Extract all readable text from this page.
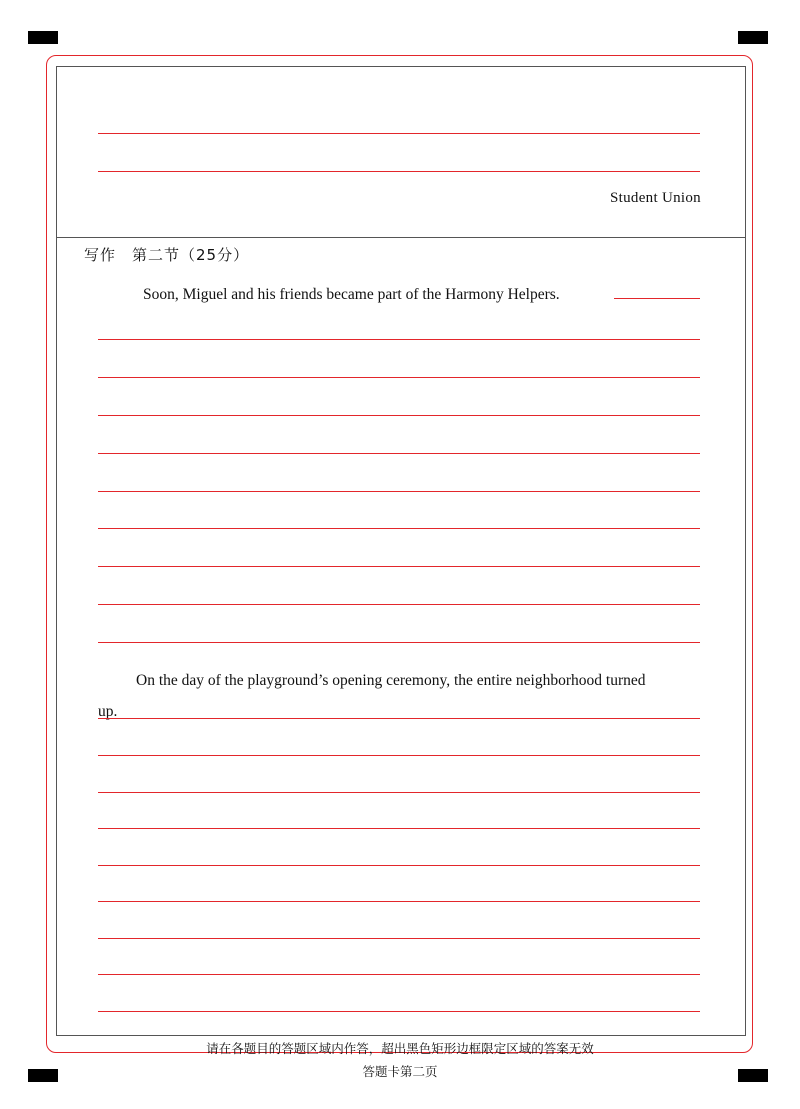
Student Union
写作　第二节（25分）
Soon, Miguel and his friends became part of the Harmony Helpers.
On the day of the playground’s opening ceremony, the entire neighborhood turned
up.
请在各题目的答题区域内作答，超出黑色矩形边框限定区域的答案无效
答题卡第二页
